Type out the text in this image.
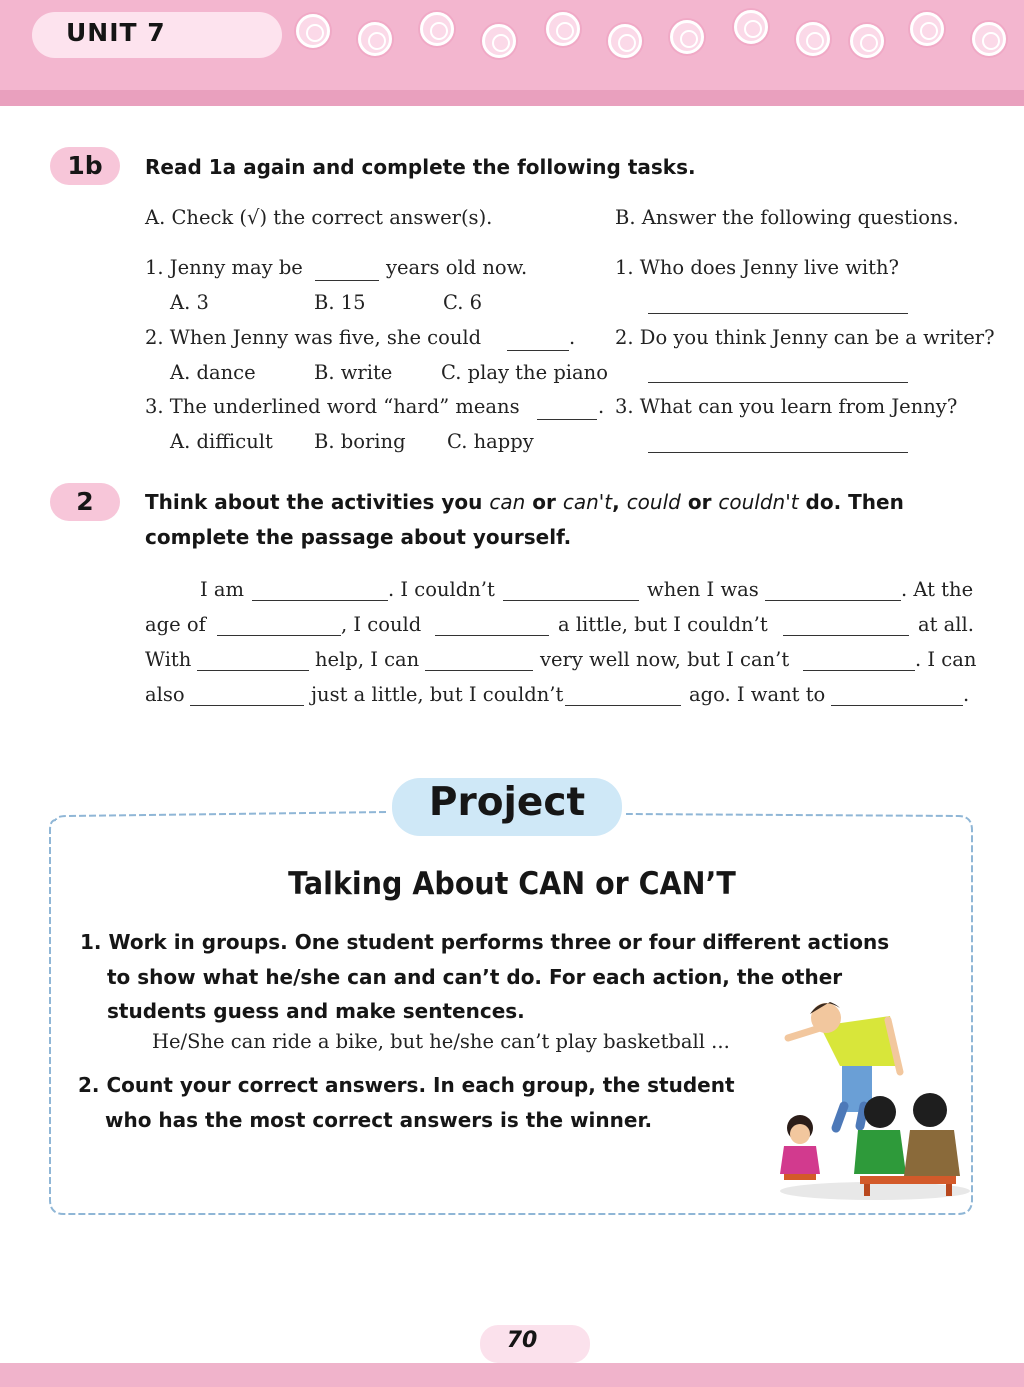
UNIT 7
1b	Read 1a again and complete the following tasks.
A. Check (√) the correct answer(s).	B. Answer the following questions.
1. Jenny may be	years old now.
A. 3	B. 15	C. 6
2. When Jenny was five, she could	.
A. dance	B. write C. play the piano
3. The underlined word “hard” means	.
A. difficult B. boring C. happy
1. Who does Jenny live with?
2. Do you think Jenny can be a writer?
3. What can you learn from Jenny?
2	Think about the activities you can or can't, could or couldn't do. Then
complete the passage about yourself.
I am	. I couldn’t	when I was	. At the
age of	, I could	a little, but I couldn’t	at all.
With	help, I can	very well now, but I can’t	. I can
also	just a little, but I couldn’t	ago. I want to	.
Project
Talking About CAN or CAN’T
1. Work in groups. One student performs three or four different actions
to show what he/she can and can’t do. For each action, the other
students guess and make sentences.
He/She can ride a bike, but he/she can’t play basketball ...
2. Count your correct answers. In each group, the student
who has the most correct answers is the winner.
70
